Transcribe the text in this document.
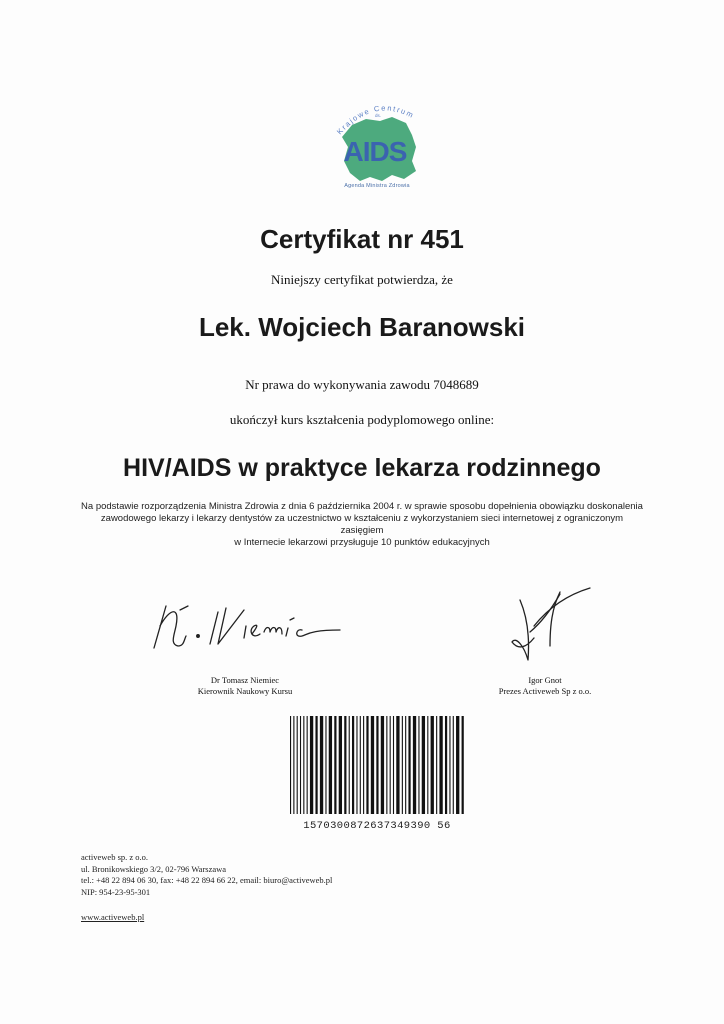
Krajowe Centrum
ds.
AIDS
Agenda Ministra Zdrowia
Certyfikat nr 451
Niniejszy certyfikat potwierdza, że
Lek. Wojciech Baranowski
Nr prawa do wykonywania zawodu 7048689
ukończył kurs kształcenia podyplomowego online:
HIV/AIDS w praktyce lekarza rodzinnego
Na podstawie rozporządzenia Ministra Zdrowia z dnia 6 października 2004 r. w sprawie sposobu dopełnienia obowiązku doskonalenia
zawodowego lekarzy i lekarzy dentystów za uczestnictwo w kształceniu z wykorzystaniem sieci internetowej z ograniczonym zasięgiem
w Internecie lekarzowi przysługuje 10 punktów edukacyjnych
Dr Tomasz Niemiec
Kierownik Naukowy Kursu
Igor Gnot
Prezes Activeweb Sp z o.o.
1570300872637349390 56
activeweb sp. z o.o.
ul. Bronikowskiego 3/2, 02-796 Warszawa
tel.: +48 22 894 06 30, fax: +48 22 894 66 22, email: biuro@activeweb.pl
NIP: 954-23-95-301
www.activeweb.pl
